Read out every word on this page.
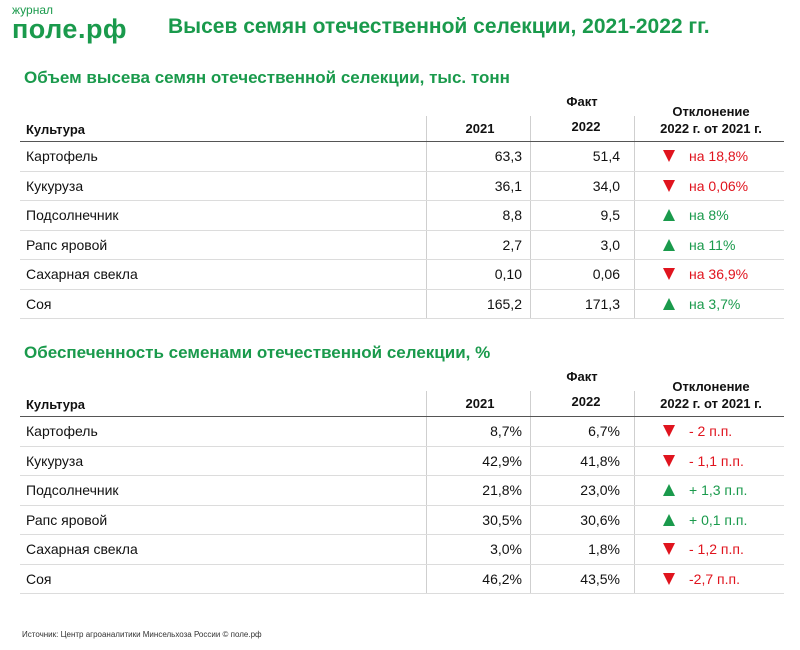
журнал
поле.рф Высев семян отечественной селекции, 2021-2022 гг.
Объем высева семян отечественной селекции, тыс. тонн
Факт
Культура	2021	2022
Отклонение
2022 г. от 2021 г.
Картофель	63,3	51,4	на 18,8%
Кукуруза	36,1	34,0	на 0,06%
Подсолнечник	8,8	9,5	на 8%
Рапс яровой	2,7	3,0	на 11%
Сахарная свекла	0,10	0,06	на 36,9%
Соя	165,2	171,3	на 3,7%
Обеспеченность семенами отечественной селекции, %
Факт
Культура	2021	2022
Отклонение
2022 г. от 2021 г.
Картофель	8,7%	6,7%	- 2 п.п.
Кукуруза	42,9%	41,8%	- 1,1 п.п.
Подсолнечник	21,8%	23,0%	+ 1,3 п.п.
Рапс яровой	30,5%	30,6%	+ 0,1 п.п.
Сахарная свекла	3,0%	1,8%	- 1,2 п.п.
Соя	46,2%	43,5%	-2,7 п.п.
Источник: Центр агроаналитики Минсельхоза России © поле.рф
